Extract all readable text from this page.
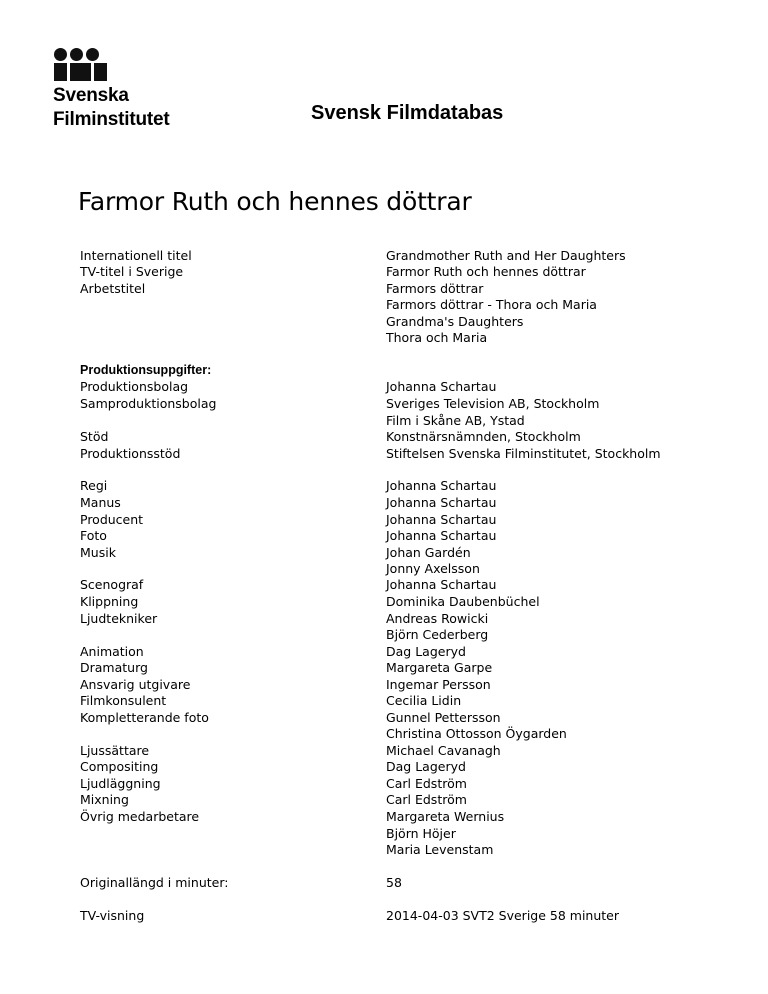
Svenska
Filminstitutet	Svensk Filmdatabas
Farmor Ruth och hennes döttrar
Produktionsuppgifter:
Internationell titel	Grandmother Ruth and Her Daughters
TV-titel i Sverige	Farmor Ruth och hennes döttrar
Arbetstitel	Farmors döttrar
Farmors döttrar - Thora och Maria
Grandma's Daughters
Thora och Maria
Produktionsbolag	Johanna Schartau
Samproduktionsbolag	Sveriges Television AB, Stockholm
Film i Skåne AB, Ystad
Stöd	Konstnärsnämnden, Stockholm
Produktionsstöd	Stiftelsen Svenska Filminstitutet, Stockholm
Regi	Johanna Schartau
Manus	Johanna Schartau
Producent	Johanna Schartau
Foto	Johanna Schartau
Musik	Johan Gardén
Jonny Axelsson
Scenograf	Johanna Schartau
Klippning	Dominika Daubenbüchel
Ljudtekniker	Andreas Rowicki
Björn Cederberg
Animation	Dag Lageryd
Dramaturg	Margareta Garpe
Ansvarig utgivare	Ingemar Persson
Filmkonsulent	Cecilia Lidin
Kompletterande foto	Gunnel Pettersson
Christina Ottosson Öygarden
Ljussättare	Michael Cavanagh
Compositing	Dag Lageryd
Ljudläggning	Carl Edström
Mixning	Carl Edström
Övrig medarbetare	Margareta Wernius
Björn Höjer
Maria Levenstam
Originallängd i minuter:	58
TV-visning	2014-04-03 SVT2 Sverige 58 minuter
